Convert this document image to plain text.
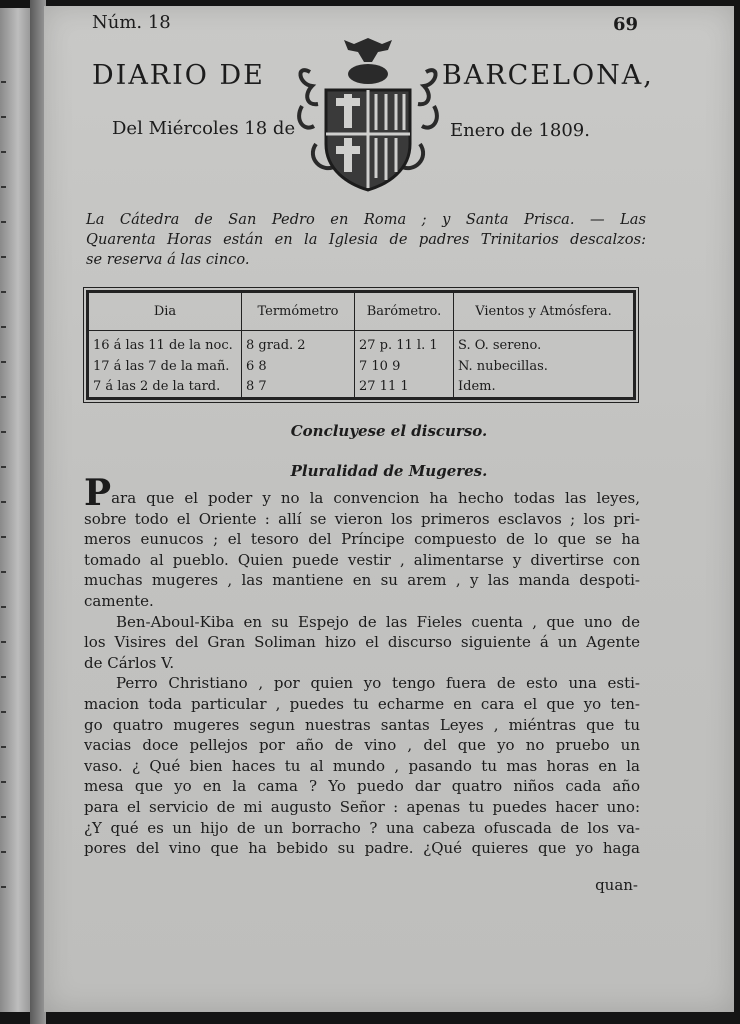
Núm. 18	69
DIARIO DE	BARCELONA,
Del Miércoles 18 de	Enero de 1809.
La Cátedra de San Pedro en Roma ; y Santa Prisca. — Las
Quarenta Horas están en la Iglesia de padres Trinitarios descalzos:
se reserva á las cinco.
Dia	Termómetro	Barómetro.	Vientos y Atmósfera.
16 á las 11 de la noc.	8 grad. 2	27 p. 11 l. 1	S. O. sereno.
17 á las 7 de la mañ.	6 8	7 10 9	N. nubecillas.
7 á las 2 de la tard.	8 7	27 11 1	Idem.
Concluyese el discurso.
Pluralidad de Mugeres.
Para que el poder y no la convencion ha hecho todas las leyes,
sobre todo el Oriente : allí se vieron los primeros esclavos ; los pri-
meros eunucos ; el tesoro del Príncipe compuesto de lo que se ha
tomado al pueblo. Quien puede vestir , alimentarse y divertirse con
muchas mugeres , las mantiene en su arem , y las manda despoti-
camente.
Ben-Aboul-Kiba en su Espejo de las Fieles cuenta , que uno de
los Visires del Gran Soliman hizo el discurso siguiente á un Agente
de Cárlos V.
Perro Christiano , por quien yo tengo fuera de esto una esti-
macion toda particular , puedes tu echarme en cara el que yo ten-
go quatro mugeres segun nuestras santas Leyes , miéntras que tu
vacias doce pellejos por año de vino , del que yo no pruebo un
vaso. ¿ Qué bien haces tu al mundo , pasando tu mas horas en la
mesa que yo en la cama ? Yo puedo dar quatro niños cada año
para el servicio de mi augusto Señor : apenas tu puedes hacer uno:
¿Y qué es un hijo de un borracho ? una cabeza ofuscada de los va-
pores del vino que ha bebido su padre. ¿Qué quieres que yo haga
quan-
